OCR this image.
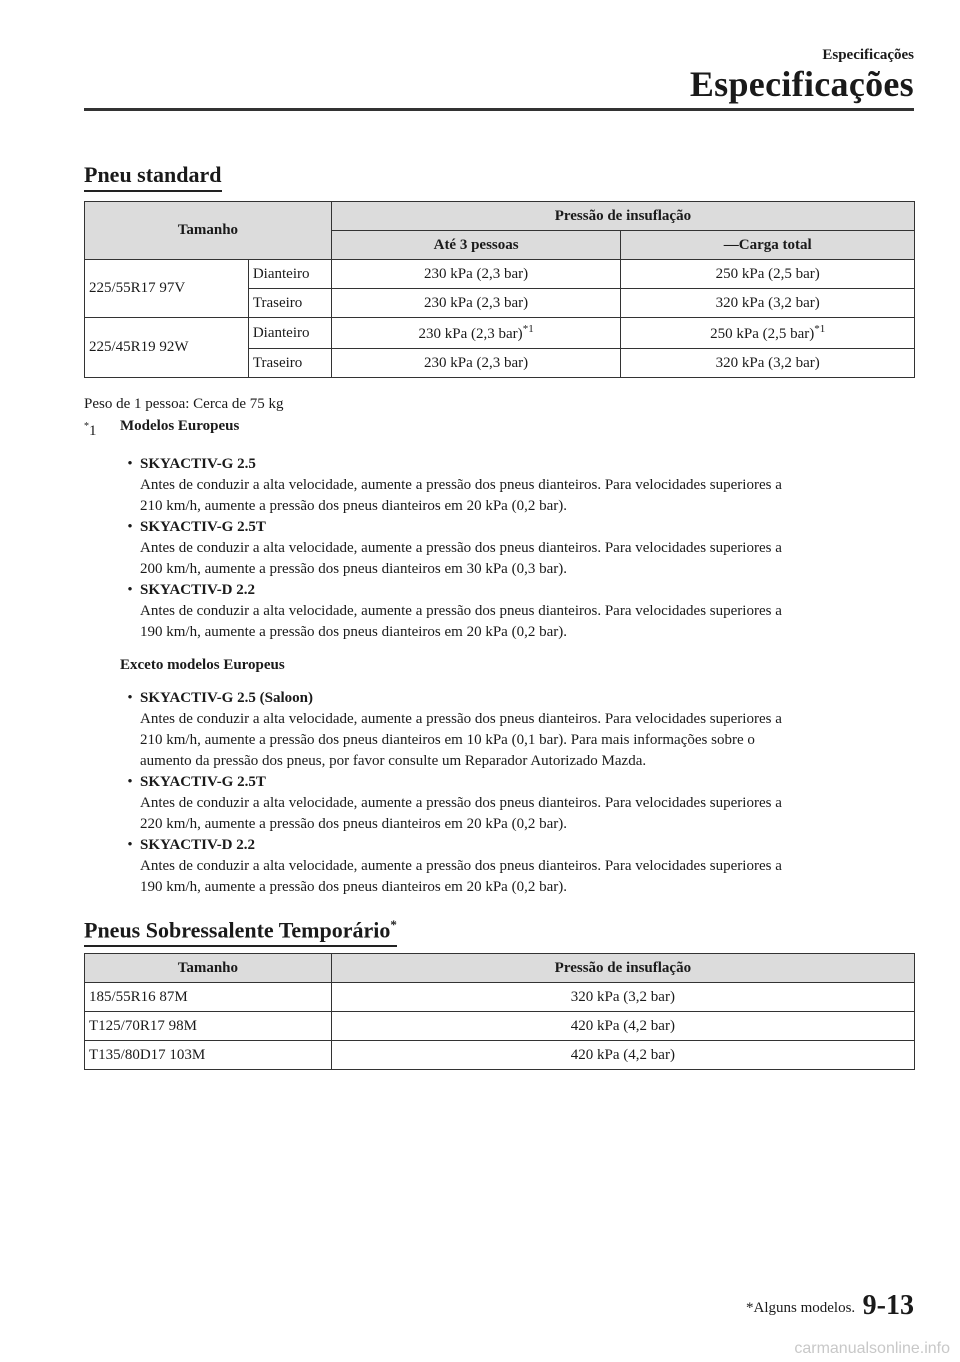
Especificações
Especificações
Pneu standard
Tamanho		Pressão de insuflação	
		Até 3 pessoas	—Carga total
225/55R17 97V	Dianteiro	230 kPa (2,3 bar)	250 kPa (2,5 bar)
	Traseiro	230 kPa (2,3 bar)	320 kPa (3,2 bar)
225/45R19 92W	Dianteiro	230 kPa (2,3 bar)$^{*1}$	250 kPa (2,5 bar)$^{*1}$
	Traseiro	230 kPa (2,3 bar)	320 kPa (3,2 bar)

Peso de 1 pessoa: Cerca de 75 kg

*1	Modelos Europeus
• SKYACTIV-G 2.5
Antes de conduzir a alta velocidade, aumente a pressão dos pneus dianteiros. Para velocidades superiores a
210 km/h, aumente a pressão dos pneus dianteiros em 20 kPa (0,2 bar).
• SKYACTIV-G 2.5T
Antes de conduzir a alta velocidade, aumente a pressão dos pneus dianteiros. Para velocidades superiores a
200 km/h, aumente a pressão dos pneus dianteiros em 30 kPa (0,3 bar).
• SKYACTIV-D 2.2
Antes de conduzir a alta velocidade, aumente a pressão dos pneus dianteiros. Para velocidades superiores a
190 km/h, aumente a pressão dos pneus dianteiros em 20 kPa (0,2 bar).
Exceto modelos Europeus
• SKYACTIV-G 2.5 (Saloon)
Antes de conduzir a alta velocidade, aumente a pressão dos pneus dianteiros. Para velocidades superiores a
210 km/h, aumente a pressão dos pneus dianteiros em 10 kPa (0,1 bar). Para mais informações sobre o
aumento da pressão dos pneus, por favor consulte um Reparador Autorizado Mazda.
• SKYACTIV-G 2.5T
Antes de conduzir a alta velocidade, aumente a pressão dos pneus dianteiros. Para velocidades superiores a
220 km/h, aumente a pressão dos pneus dianteiros em 20 kPa (0,2 bar).
• SKYACTIV-D 2.2
Antes de conduzir a alta velocidade, aumente a pressão dos pneus dianteiros. Para velocidades superiores a
190 km/h, aumente a pressão dos pneus dianteiros em 20 kPa (0,2 bar).
Pneus Sobressalente Temporário*
Tamanho	Pressão de insuflação
185/55R16 87M	320 kPa (3,2 bar)
T125/70R17 98M	420 kPa (4,2 bar)
T135/80D17 103M	420 kPa (4,2 bar)
*Alguns modelos. 9-13
carmanualsonline.info
